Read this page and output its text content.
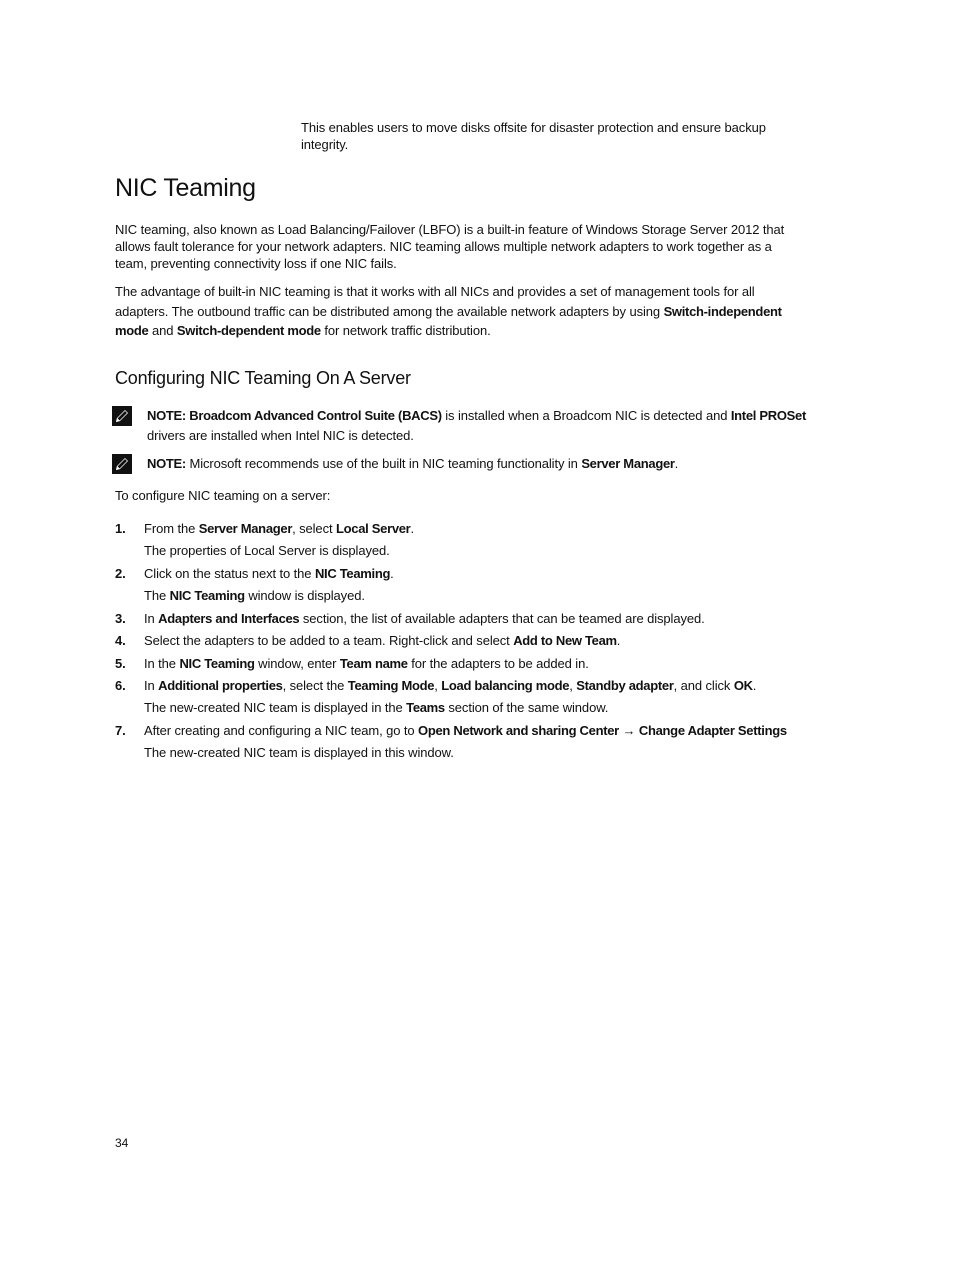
This enables users to move disks offsite for disaster protection and ensure backup
integrity.

NIC Teaming

NIC teaming, also known as Load Balancing/Failover (LBFO) is a built-in feature of Windows Storage Server 2012 that
allows fault tolerance for your network adapters. NIC teaming allows multiple network adapters to work together as a
team, preventing connectivity loss if one NIC fails.

The advantage of built-in NIC teaming is that it works with all NICs and provides a set of management tools for all
adapters. The outbound traffic can be distributed among the available network adapters by using Switch-independent
mode and Switch-dependent mode for network traffic distribution.

Configuring NIC Teaming On A Server

NOTE: Broadcom Advanced Control Suite (BACS) is installed when a Broadcom NIC is detected and Intel PROSet
drivers are installed when Intel NIC is detected.

NOTE: Microsoft recommends use of the built in NIC teaming functionality in Server Manager.

To configure NIC teaming on a server:

1. From the Server Manager, select Local Server.

The properties of Local Server is displayed.

2. Click on the status next to the NIC Teaming.

The NIC Teaming window is displayed.

3. In Adapters and Interfaces section, the list of available adapters that can be teamed are displayed.
4. Select the adapters to be added to a team. Right-click and select Add to New Team.
5. In the NIC Teaming window, enter Team name for the adapters to be added in.
6. In Additional properties, select the Teaming Mode, Load balancing mode, Standby adapter, and click OK.

The new-created NIC team is displayed in the Teams section of the same window.

7. After creating and configuring a NIC team, go to Open Network and sharing Center → Change Adapter Settings

The new-created NIC team is displayed in this window.

34
